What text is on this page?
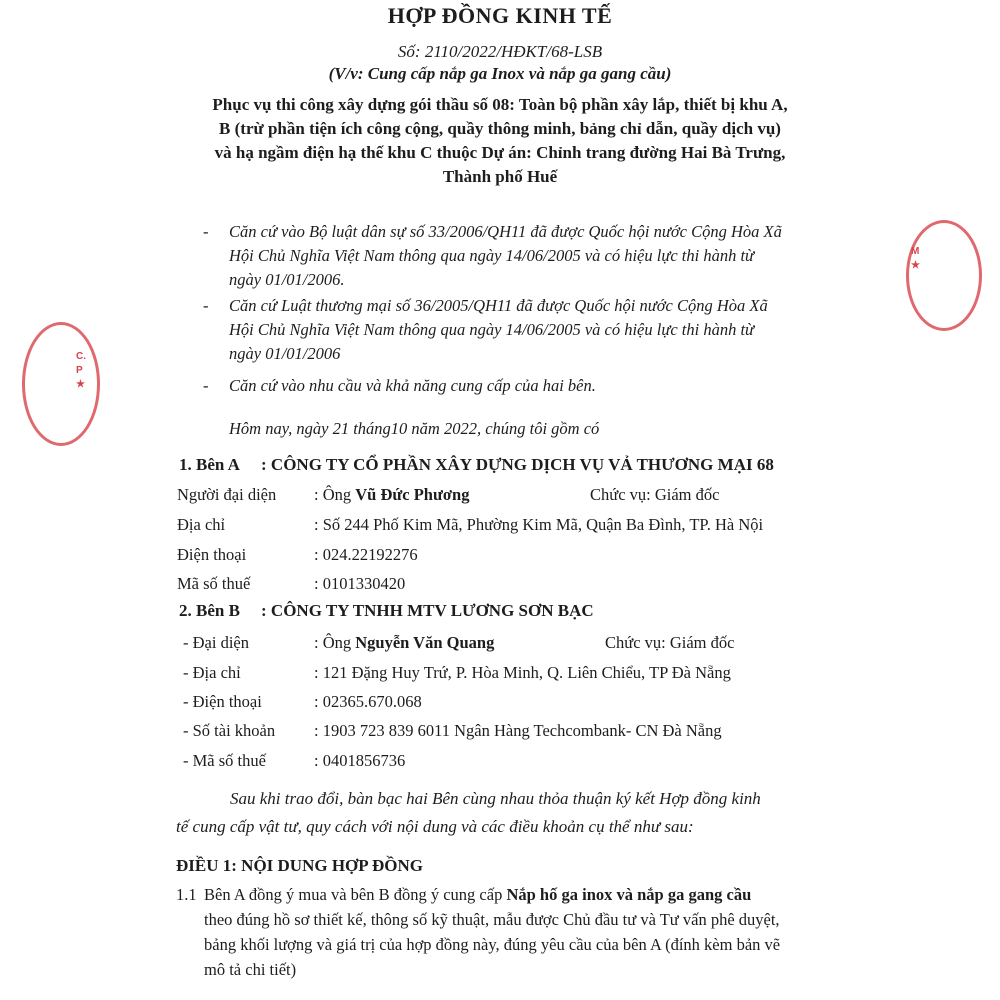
HỢP ĐỒNG KINH TẾ
Số: 2110/2022/HĐKT/68-LSB
(V/v: Cung cấp nắp ga Inox và nắp ga gang cầu)
Phục vụ thi công xây dựng gói thầu số 08: Toàn bộ phần xây lắp, thiết bị khu A,
B (trừ phần tiện ích công cộng, quầy thông minh, bảng chỉ dẫn, quầy dịch vụ)
và hạ ngầm điện hạ thế khu C thuộc Dự án: Chỉnh trang đường Hai Bà Trưng,
Thành phố Huế
- Căn cứ vào Bộ luật dân sự số 33/2006/QH11 đã được Quốc hội nước Cộng Hòa Xã
Hội Chủ Nghĩa Việt Nam thông qua ngày 14/06/2005 và có hiệu lực thi hành từ
ngày 01/01/2006.
- Căn cứ Luật thương mại số 36/2005/QH11 đã được Quốc hội nước Cộng Hòa Xã
Hội Chủ Nghĩa Việt Nam thông qua ngày 14/06/2005 và có hiệu lực thi hành từ
ngày 01/01/2006
- Căn cứ vào nhu cầu và khả năng cung cấp của hai bên.
Hôm nay, ngày 21 tháng10 năm 2022, chúng tôi gồm có
1. Bên A : CÔNG TY CỔ PHẦN XÂY DỰNG DỊCH VỤ VẢ THƯƠNG MẠI 68
Người đại diện : Ông Vũ Đức Phương	Chức vụ: Giám đốc
Địa chỉ	: Số 244 Phố Kim Mã, Phường Kim Mã, Quận Ba Đình, TP. Hà Nội
Điện thoại	: 024.22192276
Mã số thuế	: 0101330420
2. Bên B : CÔNG TY TNHH MTV LƯƠNG SƠN BẠC
- Đại diện	: Ông Nguyễn Văn Quang	Chức vụ: Giám đốc
- Địa chỉ	: 121 Đặng Huy Trứ, P. Hòa Minh, Q. Liên Chiểu, TP Đà Nẵng
- Điện thoại	: 02365.670.068
- Số tài khoản : 1903 723 839 6011 Ngân Hàng Techcombank- CN Đà Nẵng
- Mã số thuế	: 0401856736
Sau khi trao đổi, bàn bạc hai Bên cùng nhau thỏa thuận ký kết Hợp đồng kinh
tế cung cấp vật tư, quy cách với nội dung và các điều khoản cụ thể như sau:
ĐIỀU 1: NỘI DUNG HỢP ĐỒNG
1.1 Bên A đồng ý mua và bên B đồng ý cung cấp Nắp hố ga inox và nắp ga gang cầu
theo đúng hồ sơ thiết kế, thông số kỹ thuật, mẫu được Chủ đầu tư và Tư vấn phê duyệt,
bảng khối lượng và giá trị của hợp đồng này, đúng yêu cầu của bên A (đính kèm bản vẽ
mô tả chi tiết)
C.P ★
M ★
